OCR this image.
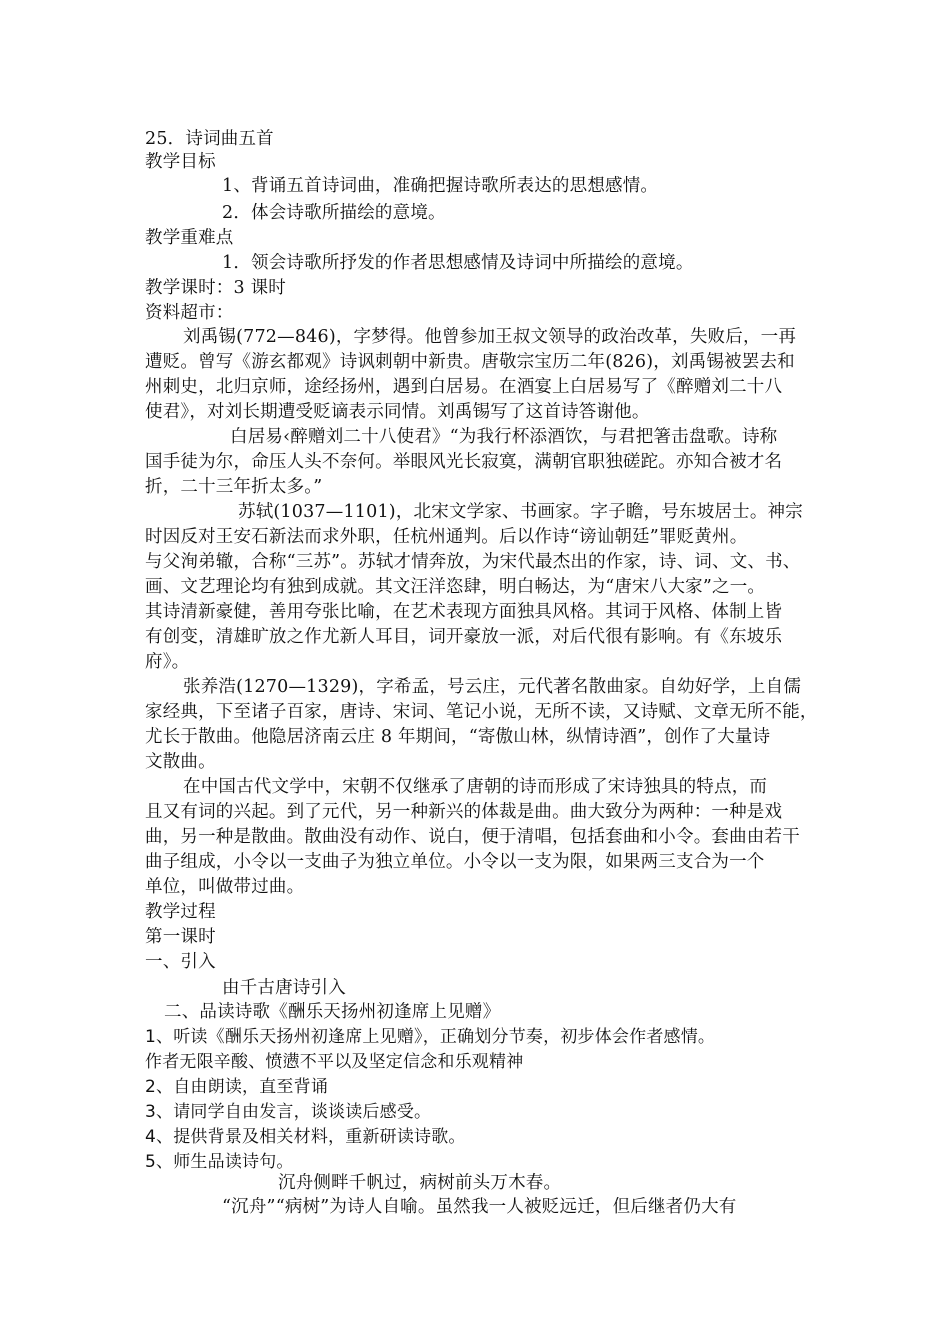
25．诗词曲五首
教学目标
1、背诵五首诗词曲，准确把握诗歌所表达的思想感情。
2．体会诗歌所描绘的意境。
教学重难点
1．领会诗歌所抒发的作者思想感情及诗词中所描绘的意境。
教学课时：3 课时
资料超市：
刘禹锡(772—846)，字梦得。他曾参加王叔文领导的政治改革，失败后，一再
遭贬。曾写《游玄都观》诗讽刺朝中新贵。唐敬宗宝历二年(826)，刘禹锡被罢去和
州刺史，北归京师，途经扬州，遇到白居易。在酒宴上白居易写了《醉赠刘二十八
使君》，对刘长期遭受贬谪表示同情。刘禹锡写了这首诗答谢他。
白居易‹醉赠刘二十八使君》“为我行杯添酒饮，与君把箸击盘歌。诗称
国手徒为尔，命压人头不奈何。举眼风光长寂寞，满朝官职独磋跎。亦知合被才名
折，二十三年折太多。”
苏轼(1037—1101)，北宋文学家、书画家。字子瞻，号东坡居士。神宗
时因反对王安石新法而求外职，任杭州通判。后以作诗“谤讪朝廷”罪贬黄州。
与父洵弟辙，合称“三苏”。苏轼才情奔放，为宋代最杰出的作家，诗、词、文、书、
画、文艺理论均有独到成就。其文汪洋恣肆，明白畅达，为“唐宋八大家”之一。
其诗清新豪健，善用夸张比喻，在艺术表现方面独具风格。其词于风格、体制上皆
有创变，清雄旷放之作尤新人耳目，词开豪放一派，对后代很有影响。有《东坡乐
府》。
张养浩(1270—1329)，字希孟，号云庄，元代著名散曲家。自幼好学，上自儒
家经典，下至诸子百家，唐诗、宋词、笔记小说，无所不读，又诗赋、文章无所不能，
尤长于散曲。他隐居济南云庄 8 年期间，“寄傲山林，纵情诗酒”，创作了大量诗
文散曲。
在中国古代文学中，宋朝不仅继承了唐朝的诗而形成了宋诗独具的特点，而
且又有词的兴起。到了元代，另一种新兴的体裁是曲。曲大致分为两种：一种是戏
曲，另一种是散曲。散曲没有动作、说白，便于清唱，包括套曲和小令。套曲由若干
曲子组成，小令以一支曲子为独立单位。小令以一支为限，如果两三支合为一个
单位，叫做带过曲。
教学过程
第一课时
一、引入
由千古唐诗引入
二、品读诗歌《酬乐天扬州初逢席上见赠》
1、听读《酬乐天扬州初逢席上见赠》，正确划分节奏，初步体会作者感情。
作者无限辛酸、愤懑不平以及坚定信念和乐观精神
2、自由朗读，直至背诵
3、请同学自由发言，谈谈读后感受。
4、提供背景及相关材料，重新研读诗歌。
5、师生品读诗句。
沉舟侧畔千帆过，病树前头万木春。
“沉舟”“病树”为诗人自喻。虽然我一人被贬远迁，但后继者仍大有
